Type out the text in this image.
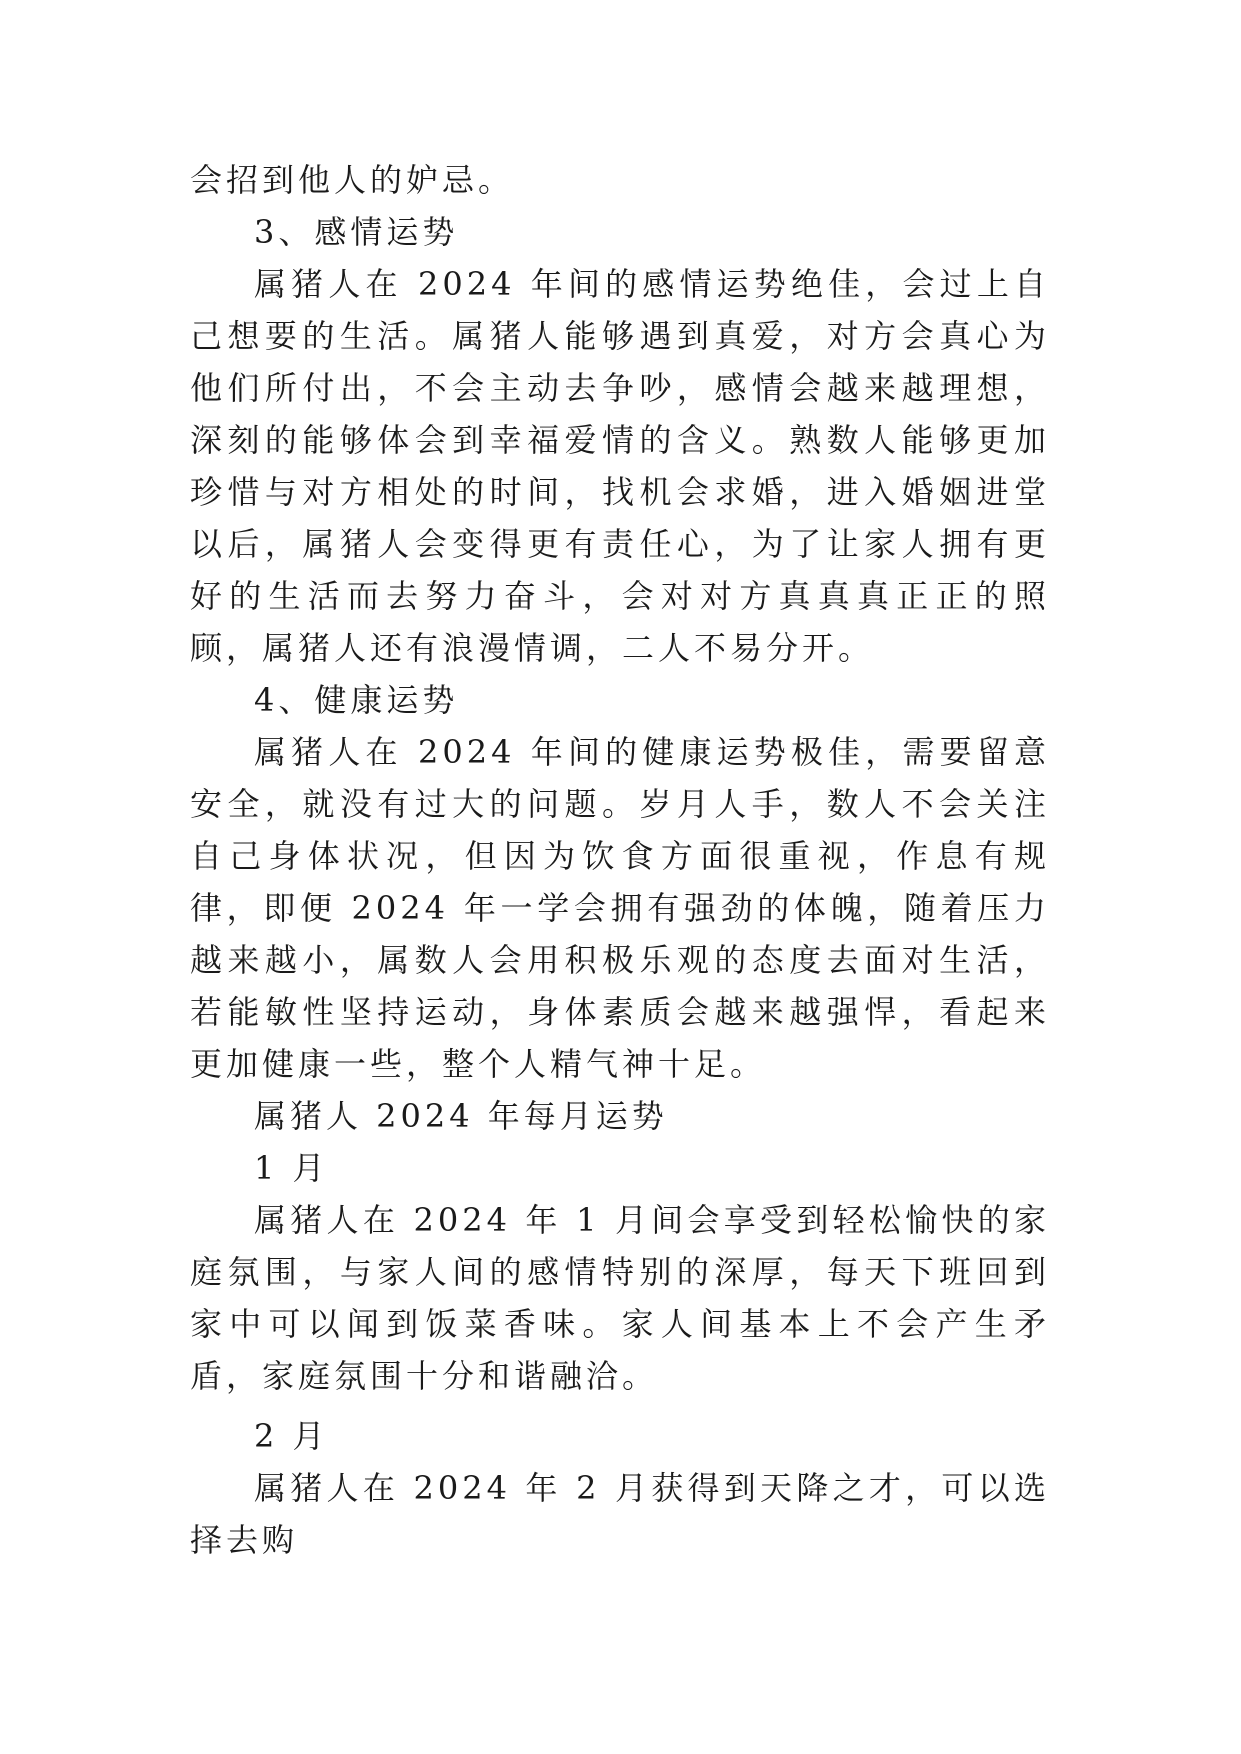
会招到他人的妒忌。

3、感情运势

属猪人在 2024 年间的感情运势绝佳，会过上自己想要的生活。属猪人能够遇到真爱，对方会真心为他们所付出，不会主动去争吵，感情会越来越理想，深刻的能够体会到幸福爱情的含义。熟数人能够更加珍惜与对方相处的时间，找机会求婚，进入婚姻进堂以后，属猪人会变得更有责任心，为了让家人拥有更好的生活而去努力奋斗，会对对方真真真正正的照顾，属猪人还有浪漫情调，二人不易分开。

4、健康运势

属猪人在 2024 年间的健康运势极佳，需要留意安全，就没有过大的问题。岁月人手，数人不会关注自己身体状况，但因为饮食方面很重视，作息有规律，即便 2024 年一学会拥有强劲的体魄，随着压力越来越小，属数人会用积极乐观的态度去面对生活，若能敏性坚持运动，身体素质会越来越强悍，看起来更加健康一些，整个人精气神十足。

属猪人 2024 年每月运势

1 月

属猪人在 2024 年 1 月间会享受到轻松愉快的家庭氛围，与家人间的感情特别的深厚，每天下班回到家中可以闻到饭菜香味。家人间基本上不会产生矛盾，家庭氛围十分和谐融洽。

2 月

属猪人在 2024 年 2 月获得到天降之才，可以选择去购
